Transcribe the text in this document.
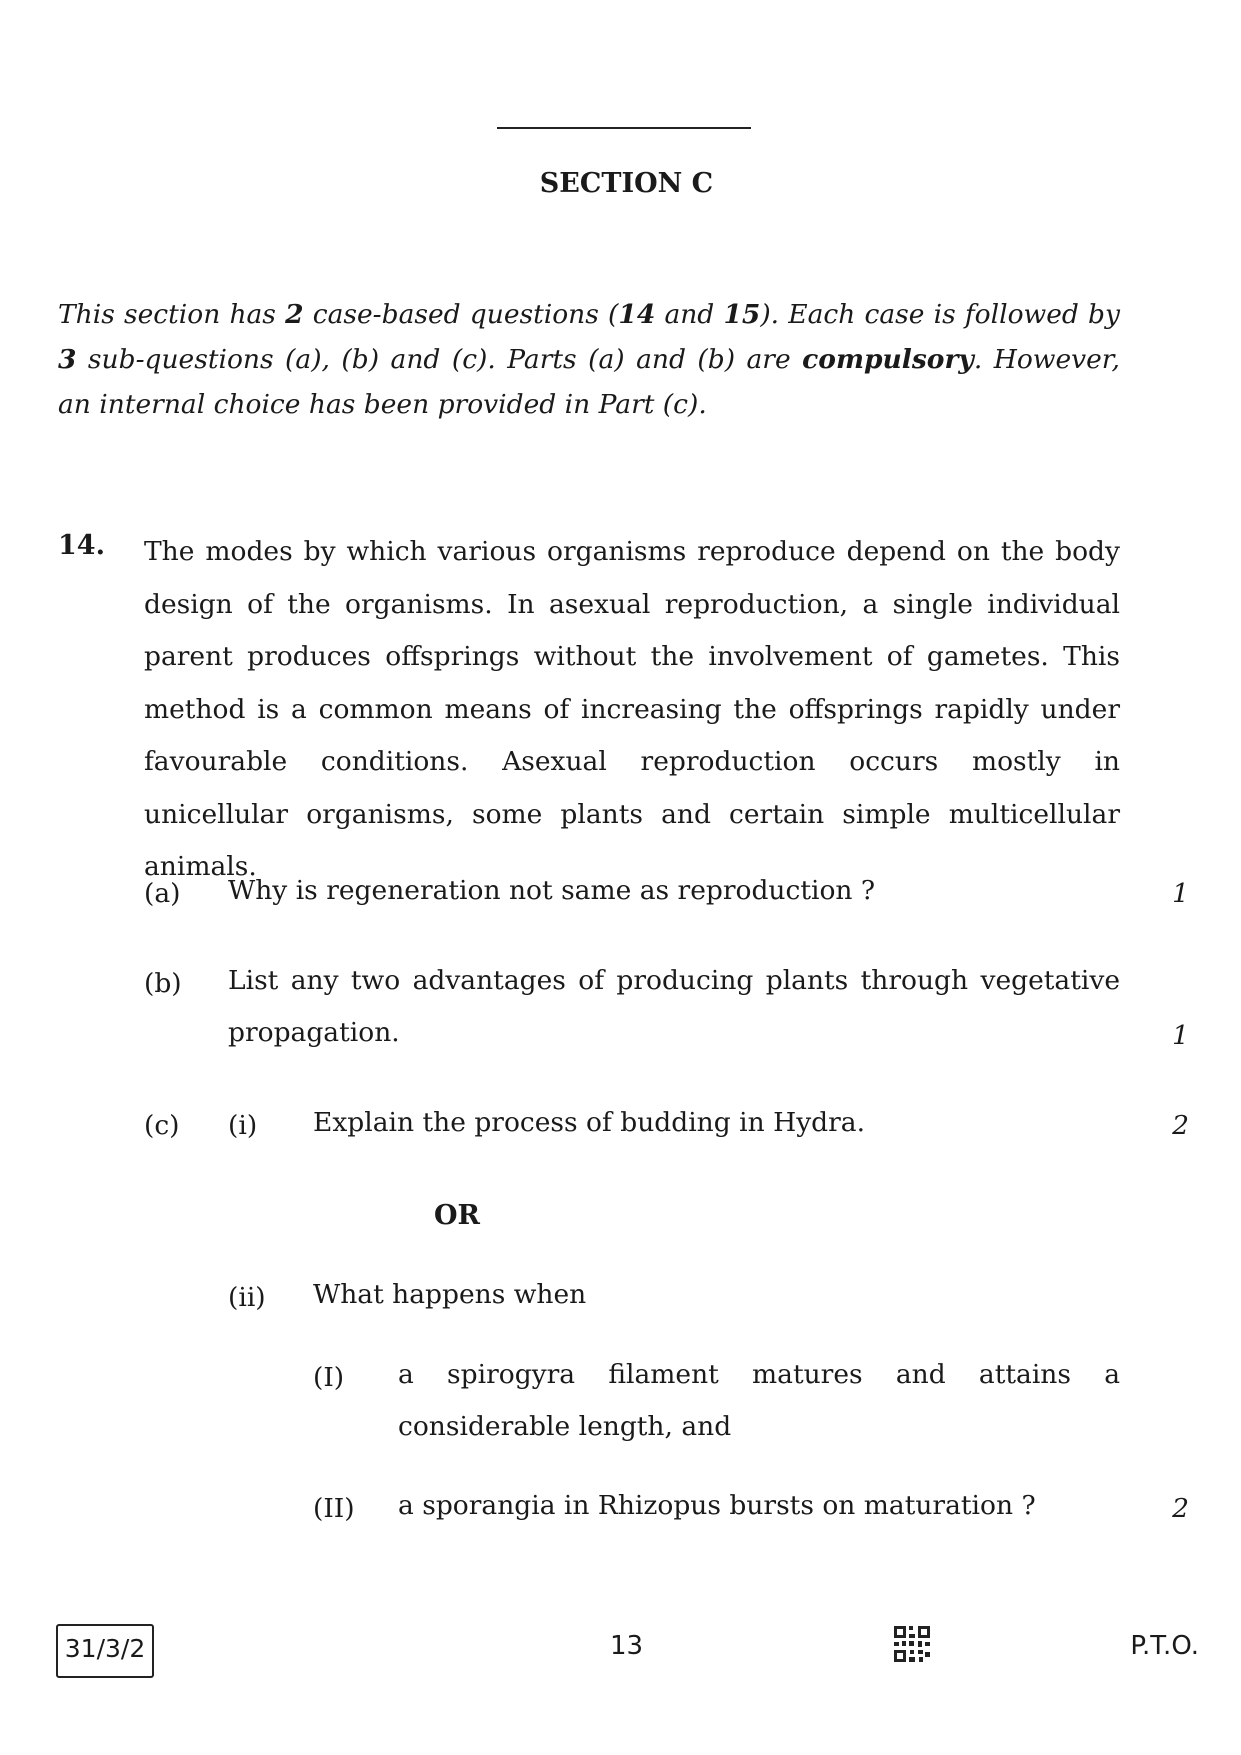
SECTION C
This section has 2 case-based questions (14 and 15). Each case is followed by 3 sub-questions (a), (b) and (c). Parts (a) and (b) are compulsory. However, an internal choice has been provided in Part (c).
14. The modes by which various organisms reproduce depend on the body design of the organisms. In asexual reproduction, a single individual parent produces offsprings without the involvement of gametes. This method is a common means of increasing the offsprings rapidly under favourable conditions. Asexual reproduction occurs mostly in unicellular organisms, some plants and certain simple multicellular animals.
(a) Why is regeneration not same as reproduction ?	1
(b) List any two advantages of producing plants through vegetative
propagation.	1
(c) (i) Explain the process of budding in Hydra.	2
OR
(ii) What happens when
(I) a spirogyra filament matures and attains a
considerable length, and
(II) a sporangia in Rhizopus bursts on maturation ?	2
31/3/2	13	P.T.O.
